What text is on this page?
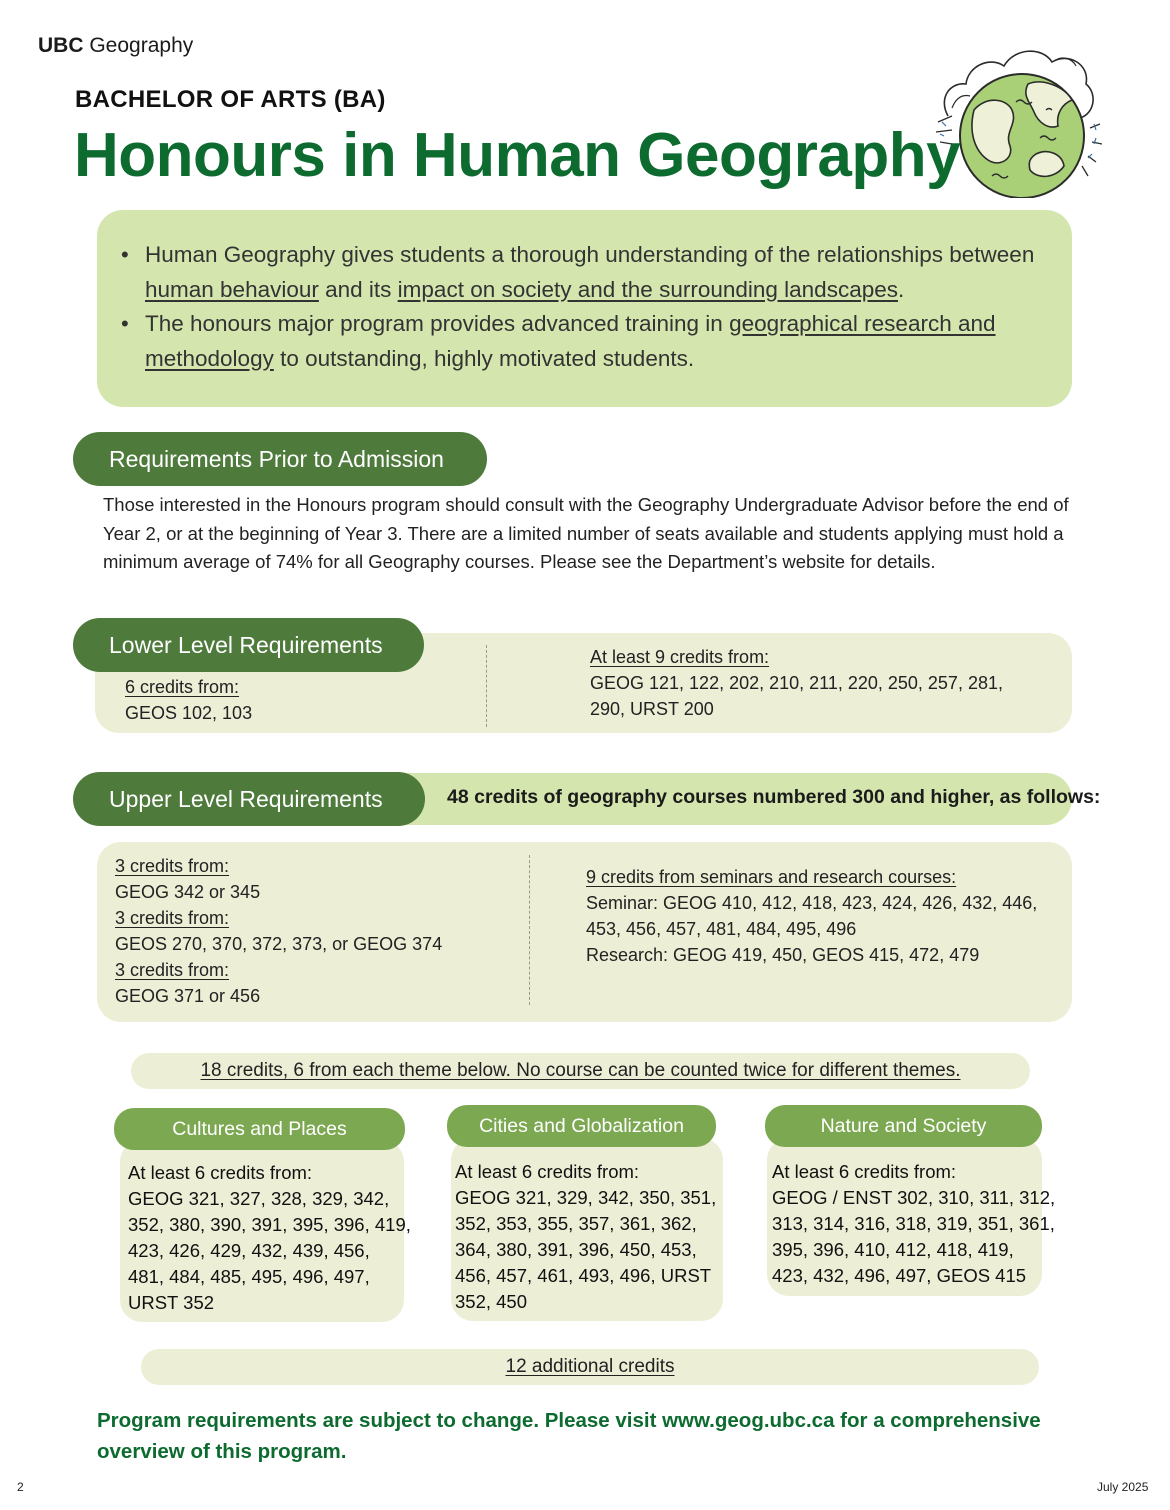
UBC Geography
BACHELOR OF ARTS (BA)
Honours in Human Geography
• Human Geography gives students a thorough understanding of the relationships between human behaviour and its impact on society and the surrounding landscapes.
• The honours major program provides advanced training in geographical research and methodology to outstanding, highly motivated students.
Requirements Prior to Admission
Those interested in the Honours program should consult with the Geography Undergraduate Advisor before the end of Year 2, or at the beginning of Year 3. There are a limited number of seats available and students applying must hold a minimum average of 74% for all Geography courses. Please see the Department’s website for details.
Lower Level Requirements
6 credits from:
GEOS 102, 103
At least 9 credits from:
GEOG 121, 122, 202, 210, 211, 220, 250, 257, 281,
290, URST 200
Upper Level Requirements	48 credits of geography courses numbered 300 and higher, as follows:
3 credits from:
GEOG 342 or 345
3 credits from:
GEOS 270, 370, 372, 373, or GEOG 374
3 credits from:
GEOG 371 or 456
9 credits from seminars and research courses:
Seminar: GEOG 410, 412, 418, 423, 424, 426, 432, 446,
453, 456, 457, 481, 484, 495, 496
Research: GEOG 419, 450, GEOS 415, 472, 479
18 credits, 6 from each theme below. No course can be counted twice for different themes.
Cultures and Places
At least 6 credits from:
GEOG 321, 327, 328, 329, 342,
352, 380, 390, 391, 395, 396, 419,
423, 426, 429, 432, 439, 456,
481, 484, 485, 495, 496, 497,
URST 352
Cities and Globalization
At least 6 credits from:
GEOG 321, 329, 342, 350, 351,
352, 353, 355, 357, 361, 362,
364, 380, 391, 396, 450, 453,
456, 457, 461, 493, 496, URST
352, 450
Nature and Society
At least 6 credits from:
GEOG / ENST 302, 310, 311, 312,
313, 314, 316, 318, 319, 351, 361,
395, 396, 410, 412, 418, 419,
423, 432, 496, 497, GEOS 415
12 additional credits
Program requirements are subject to change. Please visit www.geog.ubc.ca for a comprehensive
overview of this program.
2	July 2025
